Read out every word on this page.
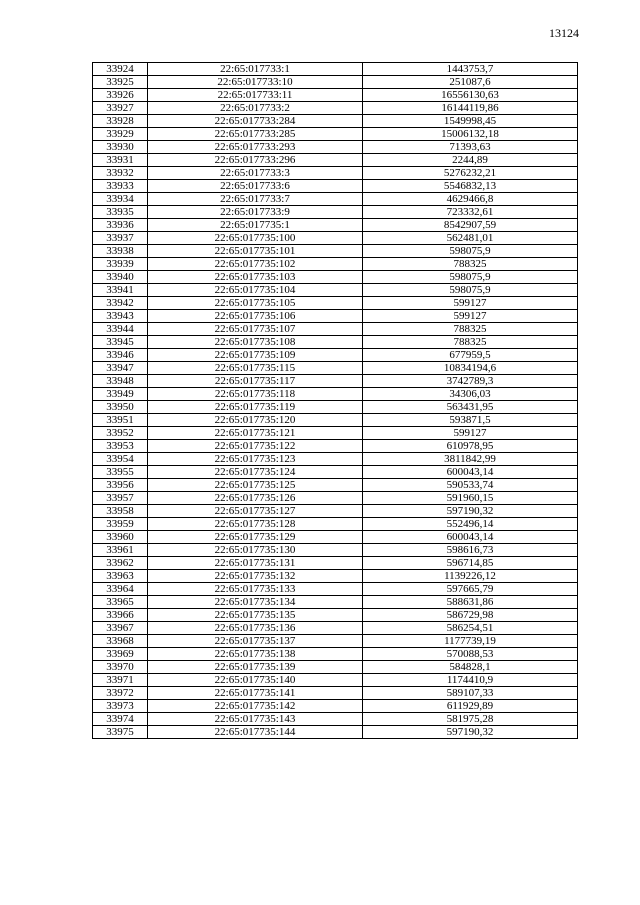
13124
33924	22:65:017733:1	1443753,7
33925	22:65:017733:10	251087,6
33926	22:65:017733:11	16556130,63
33927	22:65:017733:2	16144119,86
33928	22:65:017733:284	1549998,45
33929	22:65:017733:285	15006132,18
33930	22:65:017733:293	71393,63
33931	22:65:017733:296	2244,89
33932	22:65:017733:3	5276232,21
33933	22:65:017733:6	5546832,13
33934	22:65:017733:7	4629466,8
33935	22:65:017733:9	723332,61
33936	22:65:017735:1	8542907,59
33937	22:65:017735:100	562481,01
33938	22:65:017735:101	598075,9
33939	22:65:017735:102	788325
33940	22:65:017735:103	598075,9
33941	22:65:017735:104	598075,9
33942	22:65:017735:105	599127
33943	22:65:017735:106	599127
33944	22:65:017735:107	788325
33945	22:65:017735:108	788325
33946	22:65:017735:109	677959,5
33947	22:65:017735:115	10834194,6
33948	22:65:017735:117	3742789,3
33949	22:65:017735:118	34306,03
33950	22:65:017735:119	563431,95
33951	22:65:017735:120	593871,5
33952	22:65:017735:121	599127
33953	22:65:017735:122	610978,95
33954	22:65:017735:123	3811842,99
33955	22:65:017735:124	600043,14
33956	22:65:017735:125	590533,74
33957	22:65:017735:126	591960,15
33958	22:65:017735:127	597190,32
33959	22:65:017735:128	552496,14
33960	22:65:017735:129	600043,14
33961	22:65:017735:130	598616,73
33962	22:65:017735:131	596714,85
33963	22:65:017735:132	1139226,12
33964	22:65:017735:133	597665,79
33965	22:65:017735:134	588631,86
33966	22:65:017735:135	586729,98
33967	22:65:017735:136	586254,51
33968	22:65:017735:137	1177739,19
33969	22:65:017735:138	570088,53
33970	22:65:017735:139	584828,1
33971	22:65:017735:140	1174410,9
33972	22:65:017735:141	589107,33
33973	22:65:017735:142	611929,89
33974	22:65:017735:143	581975,28
33975	22:65:017735:144	597190,32
